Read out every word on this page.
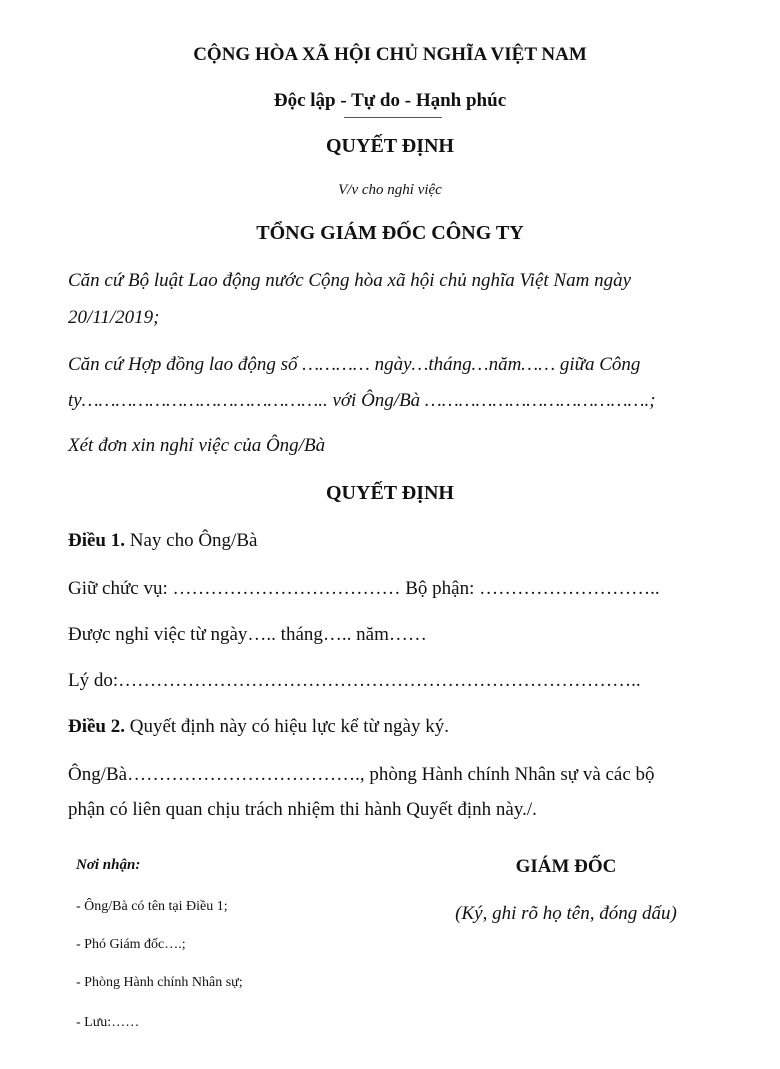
CỘNG HÒA XÃ HỘI CHỦ NGHĨA VIỆT NAM
Độc lập - Tự do - Hạnh phúc
QUYẾT ĐỊNH
V/v cho nghỉ việc
TỔNG GIÁM ĐỐC CÔNG TY
Căn cứ Bộ luật Lao động nước Cộng hòa xã hội chủ nghĩa Việt Nam ngày
20/11/2019;
Căn cứ Hợp đồng lao động số ………… ngày…tháng…năm…… giữa Công
ty…………………………………….. với Ông/Bà ………………………………….;
Xét đơn xin nghỉ việc của Ông/Bà
QUYẾT ĐỊNH
Điều 1. Nay cho Ông/Bà
Giữ chức vụ: ……………………………… Bộ phận: ………………………..
Được nghỉ việc từ ngày….. tháng….. năm……
Lý do:………………………………………………………………………..
Điều 2. Quyết định này có hiệu lực kể từ ngày ký.
Ông/Bà………………………………., phòng Hành chính Nhân sự và các bộ
phận có liên quan chịu trách nhiệm thi hành Quyết định này./.
Nơi nhận:
- Ông/Bà có tên tại Điều 1;
- Phó Giám đốc….;
- Phòng Hành chính Nhân sự;
- Lưu:……
GIÁM ĐỐC
(Ký, ghi rõ họ tên, đóng dấu)
